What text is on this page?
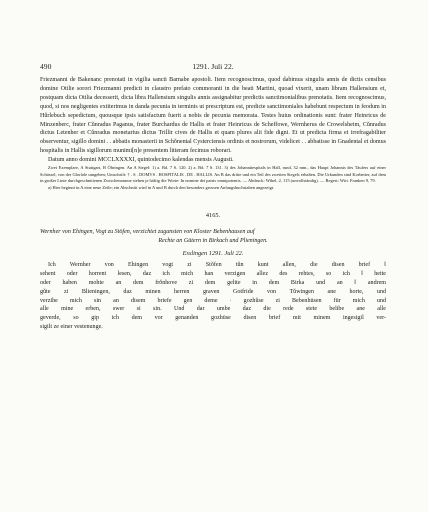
490	1291. Juli 22.

Friezmanni de Bakenanc prenotati in vigilia sancti Barnabe apostoli. Item recognoscimus, quod dabimus singulis annis de dictis censibus domine Otilie sorori Friezmanni predicti in claustro prefato commoranti in die beati Martini, quoad vixerit, unam libram Hallensium et, postquam dicta Otilia decesserit, dicta libra Hallensium singulis annis assignabitur predictis sanctimonialibus prenotatis. Item recognoscimus, quod, si nos negligentes extiterimus in danda pecunia in terminis ut prescriptum est, predicte sanctimoniales habebunt respectum in feodum in Hŭrlebuch sepedictum, quousque ipsis satisfactum fuerit a nobis de pecunia memorata. Testes huius ordinationis sunt: frater Heinricus de Minzenberc, frater Cŭnradus Paganus, frater Burchardus de Hallis et frater Heinricus de Scheffowe, Wernherus de Crowelsheim, Cŭnradus dictus Letenher et Cŭnradus monetarius dictus Trillir cives de Hallis et quam plures alii fide digni. Et ut predicta firma et irrefragabiliter observentur, sigillo domini . . abbatis monasterii in Schŏnental Cysterciensis ordinis et nostrorum, videlicet . . abbatisse in Gnadental et domus hospitalis in Hallis sigillorum munimi[n]e presentem litteram fecimus roborari.

Datum anno domini MCCLXXXXI, quintodecimo kalendas mensis Augusti.

Zwei Exemplare, A Stuttgart, B Öhringen. An A Siegel: 1) a. Bd. 7 S. 120. 2) a. Bd. 7 S. 131. 3) des Johannitespitals in Hall, rund, 32 mm., das Haupt Johannis des Täufers auf einer Schüssel, von der Glorlole umgeben; Umschrift: † . S . DOMVS . HOSPITALIS . DE . HALLIS. An B das dritte und ein Teil des zweiten Siegels erhalten. Die Urkunden sind Korbetter, auf dem in großer Linie durchgeschnittenen Zwischenraume stehen je häftig die Worte: In nomine dei patris omnipotentis. — Abdruck: Wibel, 2, 115 (unvollständig). — Regest: Wirt. Franken 9, 79.

a) Hier beginnt in A eine neue Zeile; ein Abschnitt wird in A und B durch den besonders grossen Anfangsbuchstaben angezeigt.

4165.

Wernher von Ehingen, Vogt zu Stöfen, verzichtet zugunsten von Kloster Bebenhausen auf
Rechte an Gütern in Birkach und Plieningen.

Esslingen 1291. Juli 22.
Ich Wernher von Ehingen vogt zi Stŏfen tŭn kunt allen, die disen brief ‖
sehent oder horrent lesen, daz ich mich han verzigen allez des rehtes, so ich ‖ hette
oder haben mohte an dem frŏnhove zi dem geltte in dem Birka und an ‖ andrem
gŭte zi Blieningen, daz minen herren graven Gotfride von Tŭwingen ane horte, und
verzihe mich sin an disem briefe gen deme · gozhŭse zi Bebenhūsen für mich und
alle mine erben, swer si sin. Und dar umbe daz die rede stete belibe ane alle
geverde, so gip ich dem vor genanden gozhūse disen brief mit minem ingesigil ver-
sigilt ze einer vestenunge.
